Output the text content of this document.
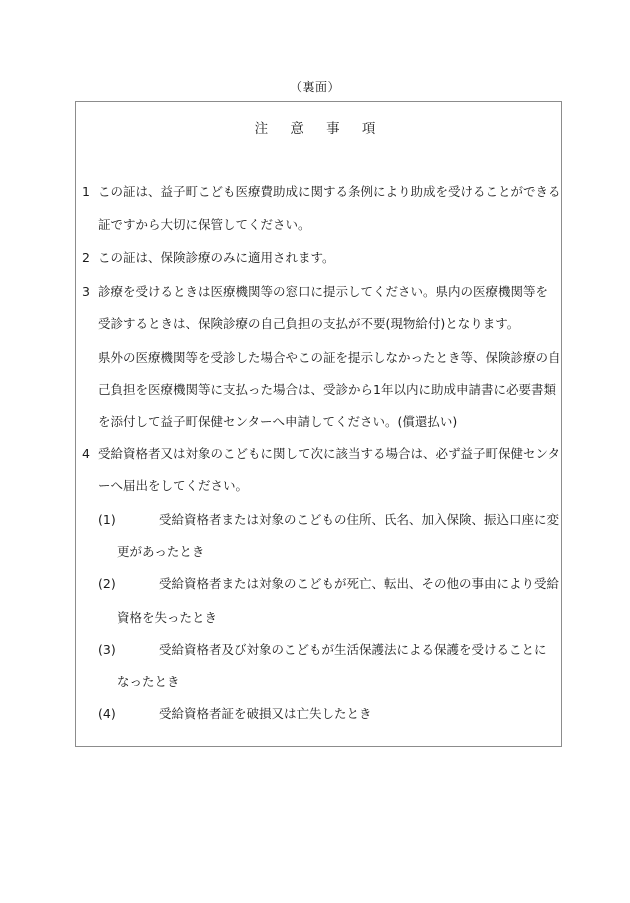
（裏面）
注 意 事 項
1 この証は、益子町こども医療費助成に関する条例により助成を受けることができる
証ですから大切に保管してください。
2 この証は、保険診療のみに適用されます。
3 診療を受けるときは医療機関等の窓口に提示してください。県内の医療機関等を
受診するときは、保険診療の自己負担の支払が不要(現物給付)となります。
県外の医療機関等を受診した場合やこの証を提示しなかったとき等、保険診療の自
己負担を医療機関等に支払った場合は、受診から1年以内に助成申請書に必要書類
を添付して益子町保健センターへ申請してください。(償還払い)
4 受給資格者又は対象のこどもに関して次に該当する場合は、必ず益子町保健センタ
ーへ届出をしてください。
(1)	受給資格者または対象のこどもの住所、氏名、加入保険、振込口座に変
更があったとき
(2)	受給資格者または対象のこどもが死亡、転出、その他の事由により受給
資格を失ったとき
(3)	受給資格者及び対象のこどもが生活保護法による保護を受けることに
なったとき
(4)	受給資格者証を破損又は亡失したとき
